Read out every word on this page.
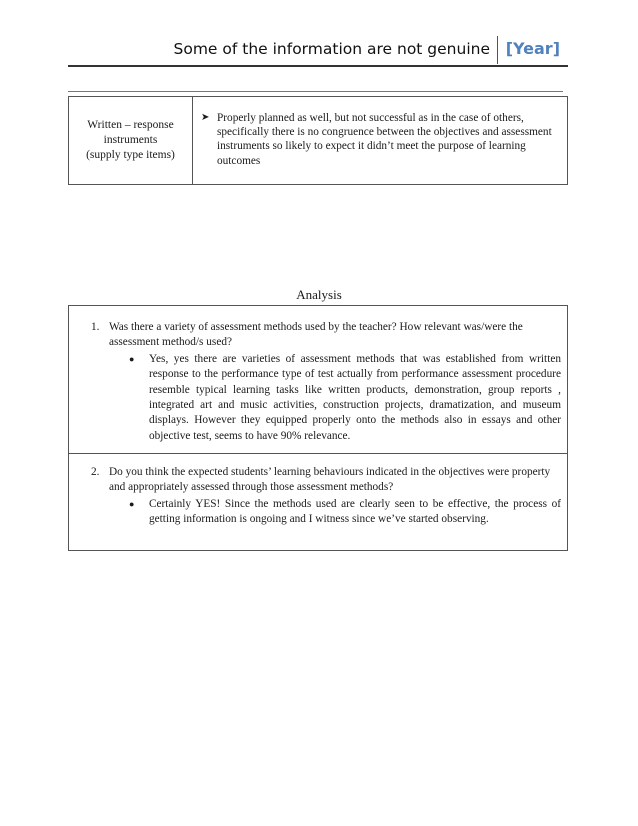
Some of the information are not genuine [Year]
Written – response
instruments
(supply type items)
➤ Properly planned as well, but not successful as in the case of others, specifically there is no congruence between the objectives and assessment instruments so likely to expect it didn’t meet the purpose of learning outcomes
Analysis
1. Was there a variety of assessment methods used by the teacher? How relevant was/were the assessment method/s used?
●	Yes, yes there are varieties of assessment methods that was established from written response to the performance type of test actually from performance assessment procedure resemble typical learning tasks like written products, demonstration, group reports , integrated art and music activities, construction projects, dramatization, and museum displays. However they equipped properly onto the methods also in essays and other objective test, seems to have 90% relevance.
2. Do you think the expected students’ learning behaviours indicated in the objectives were property and appropriately assessed through those assessment methods?
●	Certainly YES! Since the methods used are clearly seen to be effective, the process of getting information is ongoing and I witness since we’ve started observing.
